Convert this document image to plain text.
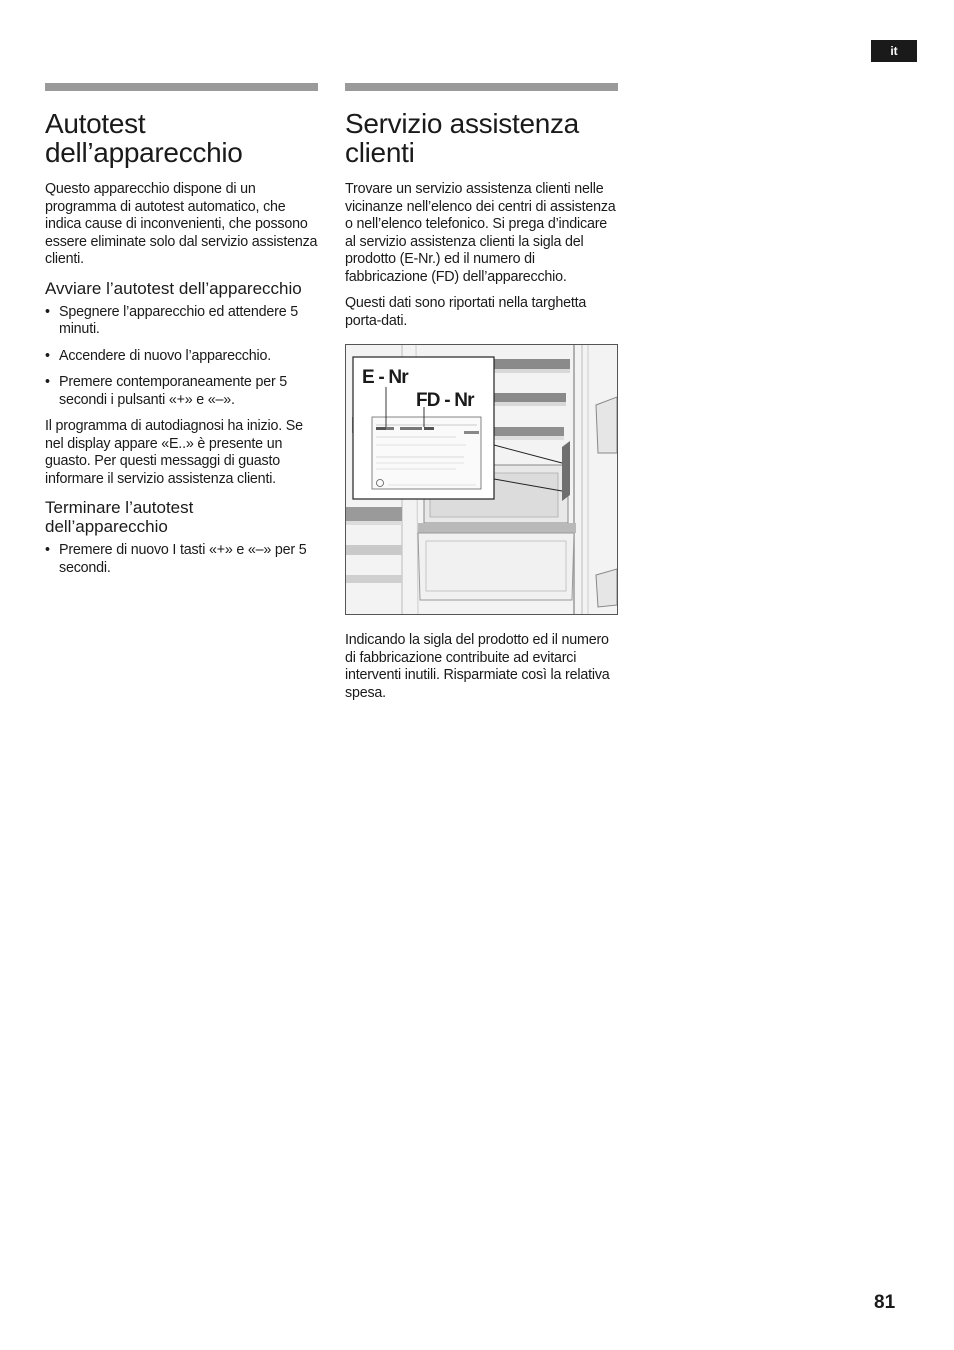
it
Autotest dell’apparecchio

Questo apparecchio dispone di un programma di autotest automatico, che indica cause di inconvenienti, che possono essere eliminate solo dal servizio assistenza clienti.

Avviare l’autotest dell’apparecchio
• Spegnere l’apparecchio ed attendere 5 minuti.
• Accendere di nuovo l’apparecchio.
• Premere contemporaneamente per 5 secondi i pulsanti «+» e «–».

Il programma di autodiagnosi ha inizio. Se nel display appare «E..» è presente un guasto. Per questi messaggi di guasto informare il servizio assistenza clienti.

Terminare l’autotest dell’apparecchio
• Premere di nuovo I tasti «+» e «–» per 5 secondi.
Servizio assistenza clienti

Trovare un servizio assistenza clienti nelle vicinanze nell’elenco dei centri di assistenza o nell’elenco telefonico. Si prega d’indicare al servizio assistenza clienti la sigla del prodotto (E-Nr.) ed il numero di fabbricazione (FD) dell’apparecchio.

Questi dati sono riportati nella targhetta porta-dati.

E - Nr
FD - Nr

Indicando la sigla del prodotto ed il numero di fabbricazione contribuite ad evitarci interventi inutili. Risparmiate così la relativa spesa.

81
